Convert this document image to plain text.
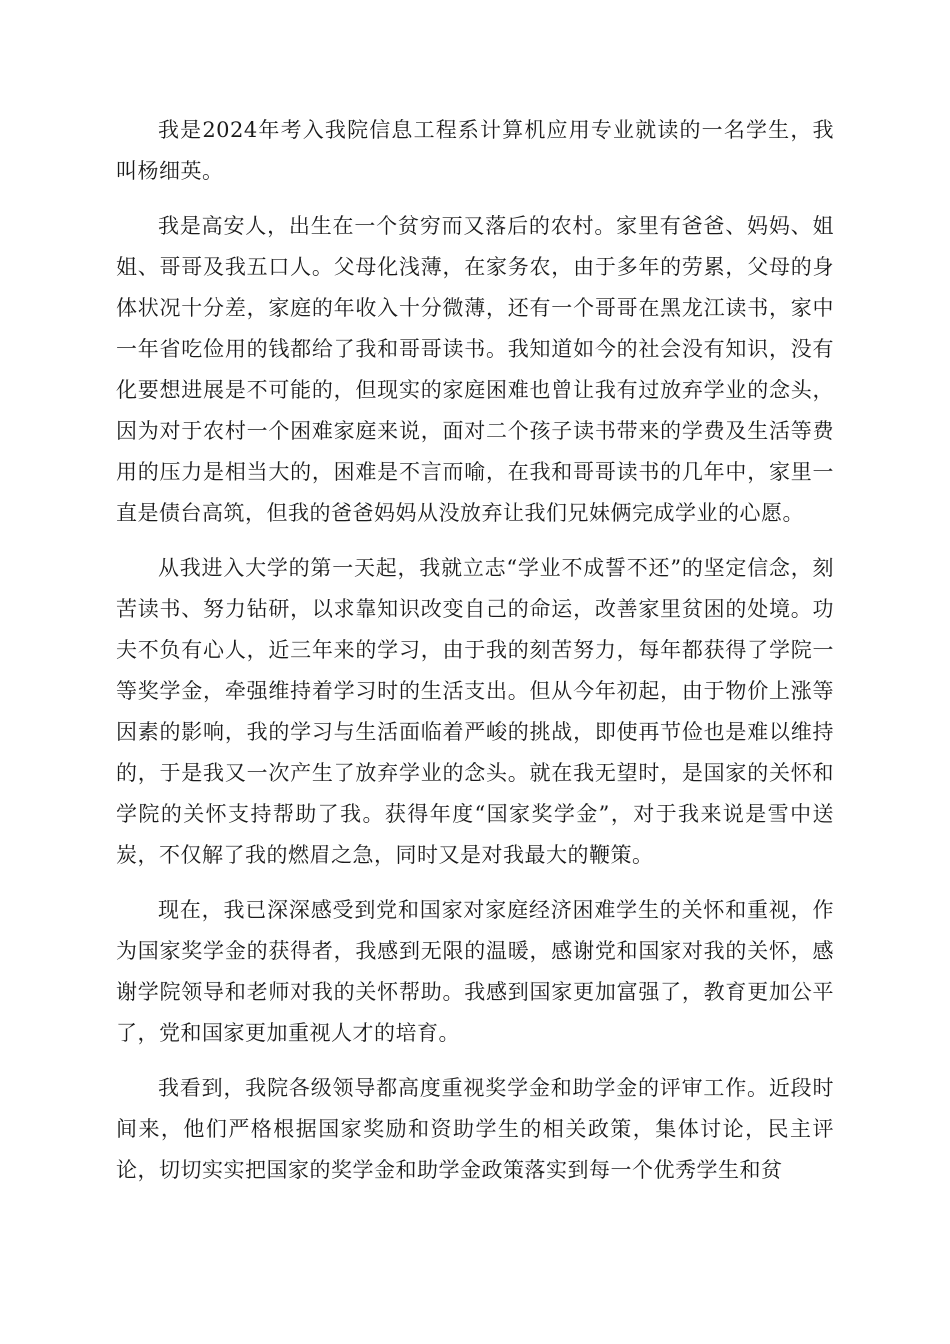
我是2024年考入我院信息工程系计算机应用专业就读的一名学生，我叫杨细英。

我是高安人，出生在一个贫穷而又落后的农村。家里有爸爸、妈妈、姐姐、哥哥及我五口人。父母化浅薄，在家务农，由于多年的劳累，父母的身体状况十分差，家庭的年收入十分微薄，还有一个哥哥在黑龙江读书，家中一年省吃俭用的钱都给了我和哥哥读书。我知道如今的社会没有知识，没有化要想进展是不可能的，但现实的家庭困难也曾让我有过放弃学业的念头，因为对于农村一个困难家庭来说，面对二个孩子读书带来的学费及生活等费用的压力是相当大的，困难是不言而喻，在我和哥哥读书的几年中，家里一直是债台高筑，但我的爸爸妈妈从没放弃让我们兄妹俩完成学业的心愿。

从我进入大学的第一天起，我就立志“学业不成誓不还”的坚定信念，刻苦读书、努力钻研，以求靠知识改变自己的命运，改善家里贫困的处境。功夫不负有心人，近三年来的学习，由于我的刻苦努力，每年都获得了学院一等奖学金，牵强维持着学习时的生活支出。但从今年初起，由于物价上涨等因素的影响，我的学习与生活面临着严峻的挑战，即使再节俭也是难以维持的，于是我又一次产生了放弃学业的念头。就在我无望时，是国家的关怀和学院的关怀支持帮助了我。获得年度“国家奖学金”，对于我来说是雪中送炭，不仅解了我的燃眉之急，同时又是对我最大的鞭策。

现在，我已深深感受到党和国家对家庭经济困难学生的关怀和重视，作为国家奖学金的获得者，我感到无限的温暖，感谢党和国家对我的关怀，感谢学院领导和老师对我的关怀帮助。我感到国家更加富强了，教育更加公平了，党和国家更加重视人才的培育。

我看到，我院各级领导都高度重视奖学金和助学金的评审工作。近段时间来，他们严格根据国家奖励和资助学生的相关政策，集体讨论，民主评论，切切实实把国家的奖学金和助学金政策落实到每一个优秀学生和贫
